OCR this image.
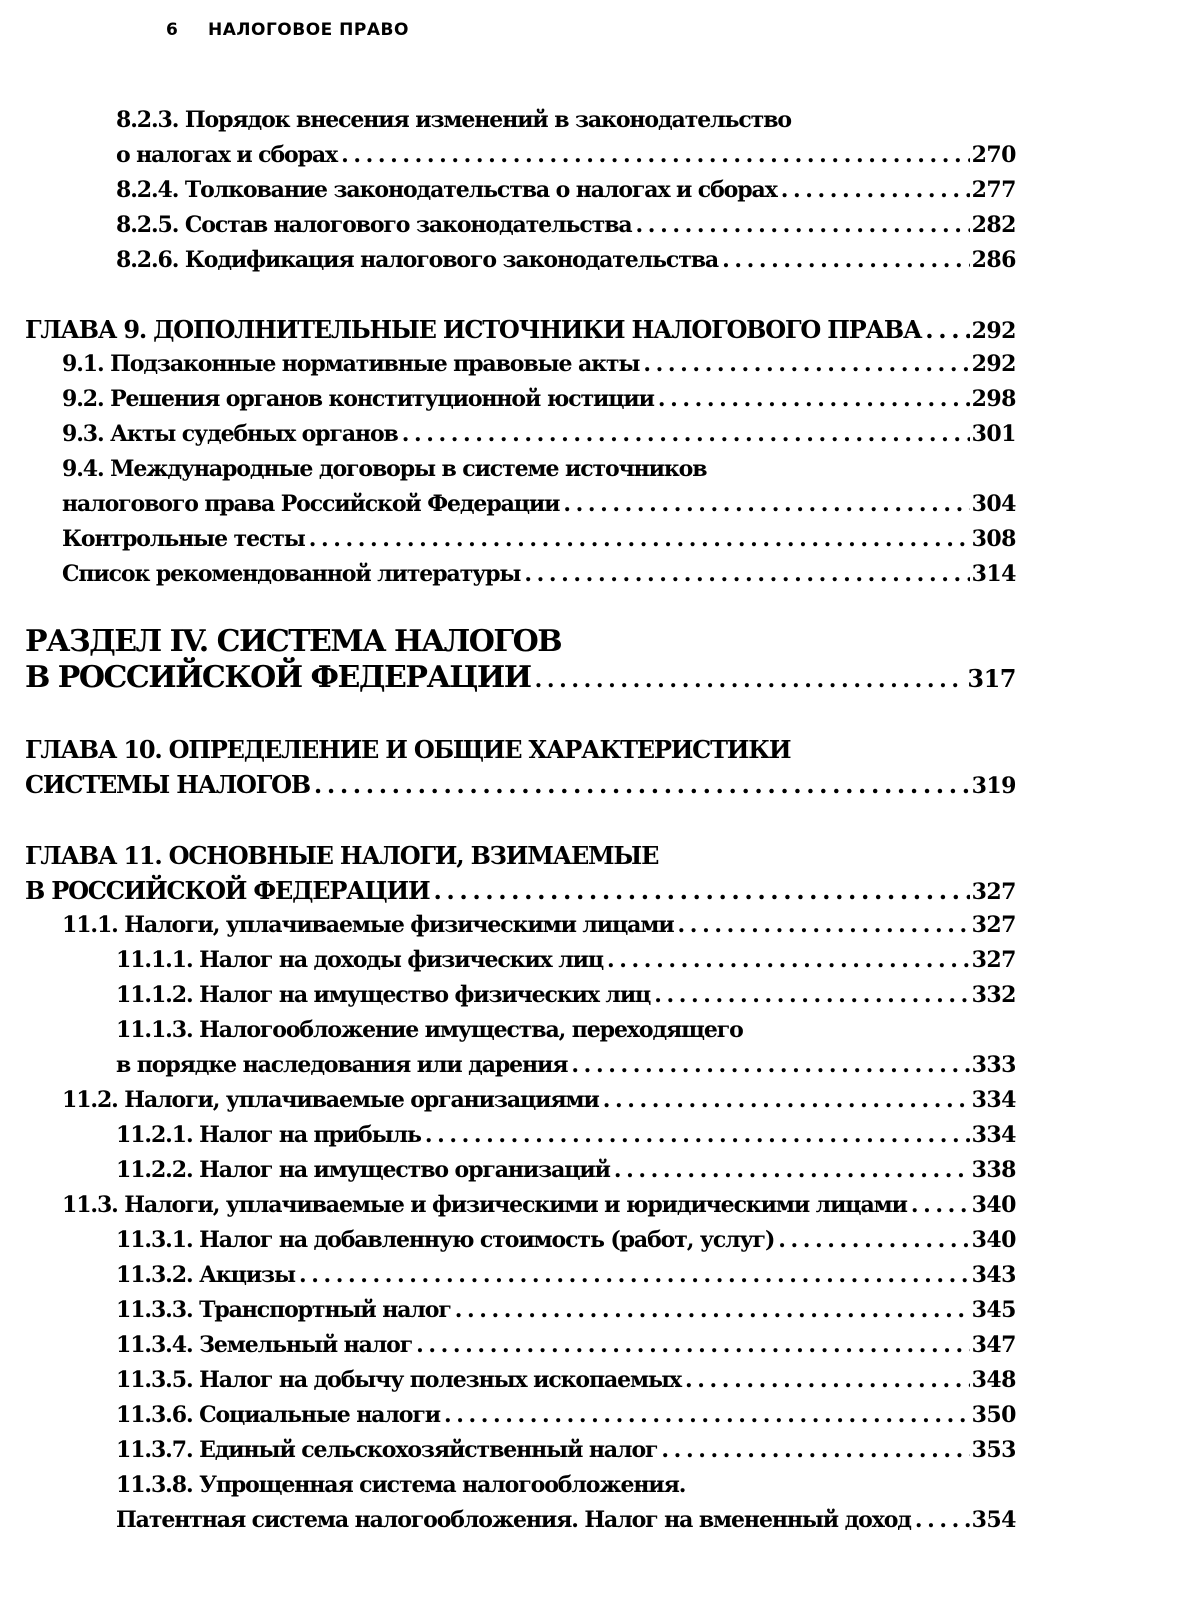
6 НАЛОГОВОЕ ПРАВО
8.2.3. Порядок внесения изменений в законодательство
о налогах и сборах .....	270
8.2.4. Толкование законодательства о налогах и сборах .....	277
8.2.5. Состав налогового законодательства .....	282
8.2.6. Кодификация налогового законодательства .....	286
ГЛАВА 9. ДОПОЛНИТЕЛЬНЫЕ ИСТОЧНИКИ НАЛОГОВОГО ПРАВА ..... 292
9.1. Подзаконные нормативные правовые акты .....	292
9.2. Решения органов конституционной юстиции .....	298
9.3. Акты судебных органов .....	301
9.4. Международные договоры в системе источников
налогового права Российской Федерации .....	304
Контрольные тесты .....	308
Список рекомендованной литературы .....	314
РАЗДЕЛ IV. СИСТЕМА НАЛОГОВ
В РОССИЙСКОЙ ФЕДЕРАЦИИ .....	317
ГЛАВА 10. ОПРЕДЕЛЕНИЕ И ОБЩИЕ ХАРАКТЕРИСТИКИ
СИСТЕМЫ НАЛОГОВ .....	319
ГЛАВА 11. ОСНОВНЫЕ НАЛОГИ, ВЗИМАЕМЫЕ
В РОССИЙСКОЙ ФЕДЕРАЦИИ .....	327
11.1. Налоги, уплачиваемые физическими лицами .....	327
11.1.1. Налог на доходы физических лиц .....	327
11.1.2. Налог на имущество физических лиц .....	332
11.1.3. Налогообложение имущества, переходящего
в порядке наследования или дарения .....	333
11.2. Налоги, уплачиваемые организациями .....	334
11.2.1. Налог на прибыль .....	334
11.2.2. Налог на имущество организаций .....	338
11.3. Налоги, уплачиваемые и физическими и юридическими лицами .....	340
11.3.1. Налог на добавленную стоимость (работ, услуг) .....	340
11.3.2. Акцизы .....	343
11.3.3. Транспортный налог .....	345
11.3.4. Земельный налог .....	347
11.3.5. Налог на добычу полезных ископаемых .....	348
11.3.6. Социальные налоги .....	350
11.3.7. Единый сельскохозяйственный налог .....	353
11.3.8. Упрощенная система налогообложения.
Патентная система налогообложения. Налог на вмененный доход .....	354
